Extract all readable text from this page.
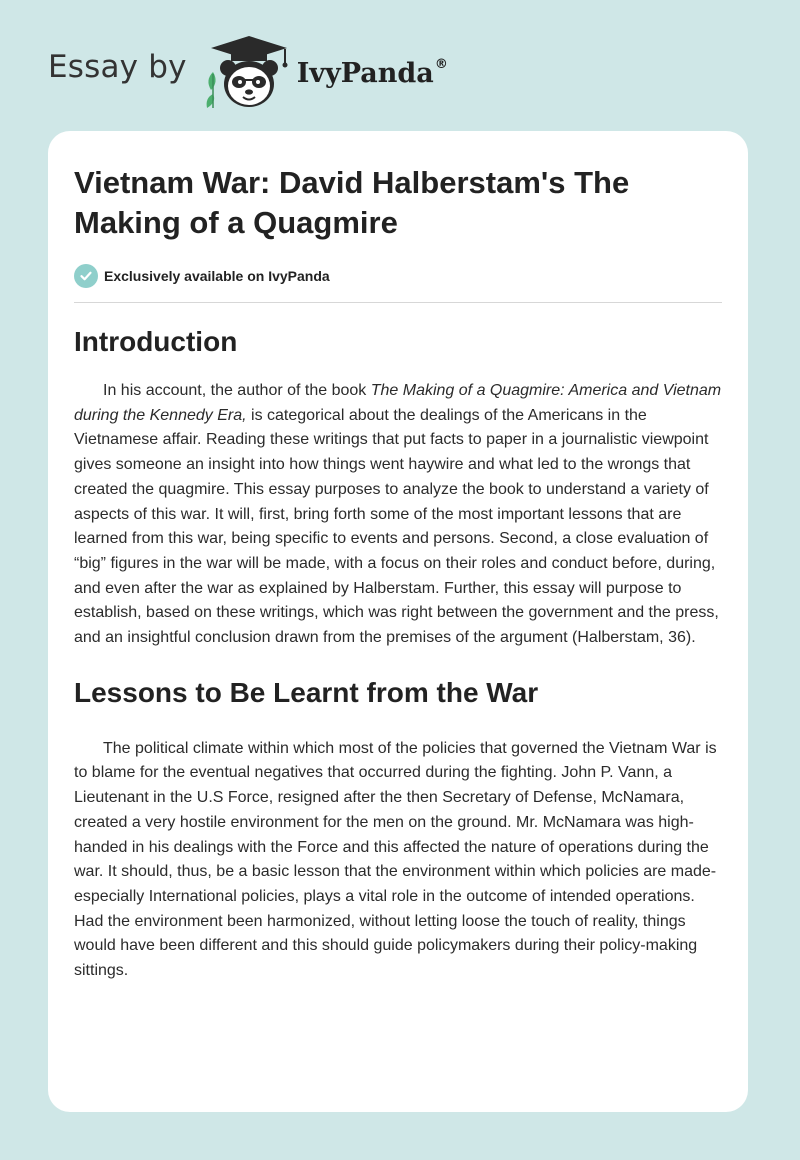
Essay by	IvyPanda®
Vietnam War: David Halberstam's The Making of a Quagmire
Exclusively available on IvyPanda
Introduction

In his account, the author of the book The Making of a Quagmire: America and Vietnam during the Kennedy Era, is categorical about the dealings of the Americans in the Vietnamese affair. Reading these writings that put facts to paper in a journalistic viewpoint gives someone an insight into how things went haywire and what led to the wrongs that created the quagmire. This essay purposes to analyze the book to understand a variety of aspects of this war. It will, first, bring forth some of the most important lessons that are learned from this war, being specific to events and persons. Second, a close evaluation of “big” figures in the war will be made, with a focus on their roles and conduct before, during, and even after the war as explained by Halberstam. Further, this essay will purpose to establish, based on these writings, which was right between the government and the press, and an insightful conclusion drawn from the premises of the argument (Halberstam, 36).

Lessons to Be Learnt from the War

The political climate within which most of the policies that governed the Vietnam War is to blame for the eventual negatives that occurred during the fighting. John P. Vann, a Lieutenant in the U.S Force, resigned after the then Secretary of Defense, McNamara, created a very hostile environment for the men on the ground. Mr. McNamara was high-handed in his dealings with the Force and this affected the nature of operations during the war. It should, thus, be a basic lesson that the environment within which policies are made- especially International policies, plays a vital role in the outcome of intended operations. Had the environment been harmonized, without letting loose the touch of reality, things would have been different and this should guide policymakers during their policy-making sittings.
